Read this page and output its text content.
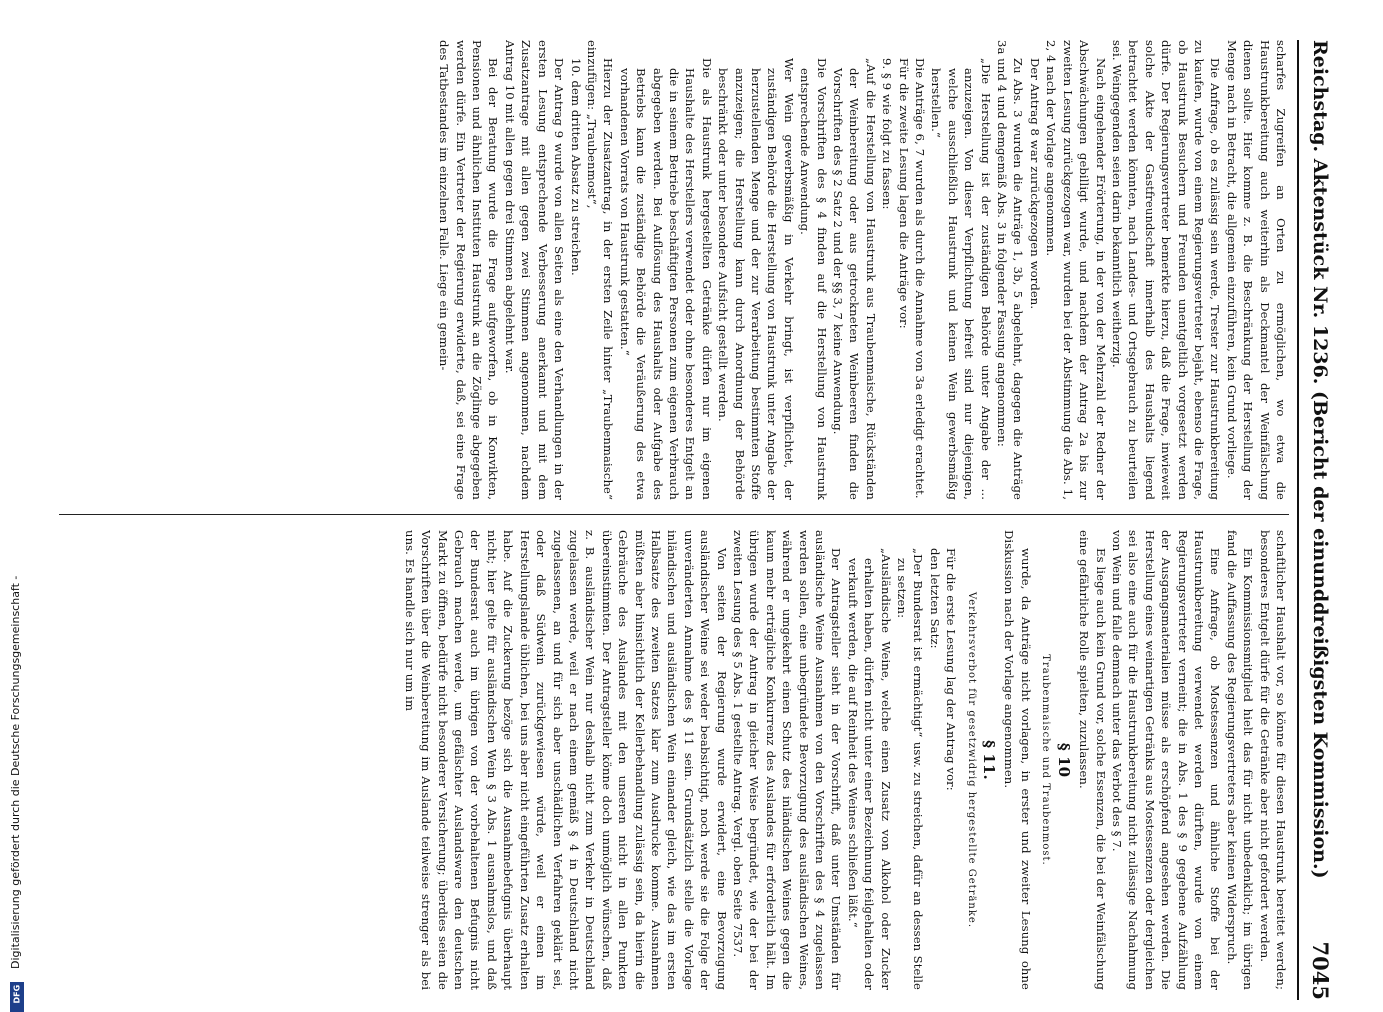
Reichstag. Aktenstück Nr. 1236. (Bericht der einunddreißigsten Kommission.)
7045

scharfes Zugreifen an Orten zu ermöglichen, wo etwa die Haustrunkbereitung auch weiterhin als Deckmantel der Weinfälschung dienen sollte. Hier komme z. B. die Beschränkung der Herstellung der Menge nach in Betracht, die allgemein einzuführen, kein Grund vorliege.

Die Anfrage, ob es zulässig sein werde, Trester zur Haustrunkbereitung zu kaufen, wurde von einem Regierungsvertreter bejaht, ebenso die Frage, ob Haustrunk Besuchern und Freunden unentgeltlich vorgesetzt werden dürfe. Der Regierungsvertreter bemerkte hierzu, daß die Frage, inwieweit solche Akte der Gastfreundschaft innerhalb des Haushalts liegend betrachtet werden könnten, nach Landes- und Ortsgebrauch zu beurteilen sei. Weingegenden seien darin bekanntlich weitherzig.

Nach eingehender Erörterung, in der von der Mehrzahl der Redner der Abschwächungen gebilligt wurde, und nachdem der Antrag 2a bis zur zweiten Lesung zurückgezogen war, wurden bei der Abstimmung die Abs. 1, 2, 4 nach der Vorlage angenommen.

Der Antrag 8 war zurückgezogen worden.

Zu Abs. 3 wurden die Anträge 1, 3b, 5 abgelehnt, dagegen die Anträge 3a und 4 und demgemäß Abs. 3 in folgender Fassung angenommen:

„Die Herstellung ist der zuständigen Behörde unter Angabe der ... anzuzeigen. Von dieser Verpflichtung befreit sind nur diejenigen, welche ausschließlich Haustrunk und keinen Wein gewerbsmäßig herstellen.“

Die Anträge 6, 7 wurden als durch die Annahme von 3a erledigt erachtet.

Für die zweite Lesung lagen die Anträge vor:

9. § 9 wie folgt zu fassen:

„Auf die Herstellung von Haustrunk aus Traubenmaische, Rückständen der Weinbereitung oder aus getrockneten Weinbeeren finden die Vorschriften des § 2 Satz 2 und der §§ 3, 7 keine Anwendung.

Die Vorschriften des § 4 finden auf die Herstellung von Haustrunk entsprechende Anwendung.

Wer Wein gewerbsmäßig in Verkehr bringt, ist verpflichtet, der zuständigen Behörde die Herstellung von Haustrunk unter Angabe der herzustellenden Menge und der zur Verarbeitung bestimmten Stoffe anzuzeigen; die Herstellung kann durch Anordnung der Behörde beschränkt oder unter besondere Aufsicht gestellt werden.

Die als Haustrunk hergestellten Getränke dürfen nur im eigenen Haushalte des Herstellers verwendet oder ohne besonderes Entgelt an die in seinem Betriebe beschäftigten Personen zum eigenen Verbrauch abgegeben werden. Bei Auflösung des Haushalts oder Aufgabe des Betriebs kann die zuständige Behörde die Veräußerung des etwa vorhandenen Vorrats von Haustrunk gestatten.“

Hierzu der Zusatzantrag, in der ersten Zeile hinter „Traubenmaische“ einzufügen: „Traubenmost“,

10. dem dritten Absatz zu streichen.

Der Antrag 9 wurde von allen Seiten als eine den Verhandlungen in der ersten Lesung entsprechende Verbesserung anerkannt und mit dem Zusatzantrage mit allen gegen zwei Stimmen angenommen, nachdem Antrag 10 mit allen gegen drei Stimmen abgelehnt war.

Bei der Beratung wurde die Frage aufgeworfen, ob in Konvikten, Pensionen und ähnlichen Instituten Haustrunk an die Zöglinge abgegeben werden dürfe. Ein Vertreter der Regierung erwiderte, daß, sei eine Frage des Tatbestandes im einzelnen Falle. Liege ein gemein-

schaftlicher Haushalt vor, so könne für diesen Haustrunk bereitet werden; besonderes Entgelt dürfe für die Getränke aber nicht gefordert werden.

Ein Kommissionsmitglied hielt das für nicht unbedenklich; im übrigen fand die Auffassung des Regierungsvertreters aber keinen Widerspruch.

Eine Anfrage, ob Mostessenzen und ähnliche Stoffe bei der Haustrunkbereitung verwendet werden dürften, wurde von einem Regierungsvertreter verneint; die in Abs. 1 des § 9 gegebene Aufzählung der Ausgangsmaterialien müsse als erschöpfend angesehen werden. Die Herstellung eines weinartigen Getränks aus Mostessenzen oder dergleichen sei also eine auch für die Haustrunkbereitung nicht zulässige Nachahmung von Wein und falle demnach unter das Verbot des § 7.

Es liege auch kein Grund vor, solche Essenzen, die bei der Weinfälschung eine gefährliche Rolle spielten, zuzulassen.

§ 10
Traubenmaische und Traubenmost.

wurde, da Anträge nicht vorlagen, in erster und zweiter Lesung ohne Diskussion nach der Vorlage angenommen.

§ 11.
Verkehrsverbot für gesetzwidrig hergestellte Getränke.

Für die erste Lesung lag der Antrag vor:

den letzten Satz:

„Der Bundesrat ist ermächtigt“ usw. zu streichen, dafür an dessen Stelle zu setzen:

„Ausländische Weine, welche einen Zusatz von Alkohol oder Zucker erhalten haben, dürfen nicht unter einer Bezeichnung feilgehalten oder verkauft werden, die auf Reinheit des Weines schließen läßt.“

Der Antragsteller sieht in der Vorschrift, daß unter Umständen für ausländische Weine Ausnahmen von den Vorschriften des § 4 zugelassen werden sollen, eine unbegründete Bevorzugung des ausländischen Weines, während er umgekehrt einen Schutz des inländischen Weines gegen die kaum mehr erträgliche Konkurrenz des Auslandes für erforderlich hält. Im übrigen wurde der Antrag in gleicher Weise begründet, wie der bei der zweiten Lesung des § 5 Abs. 1 gestellte Antrag. Vergl. oben Seite 7537.

Von seiten der Regierung wurde erwidert, eine Bevorzugung ausländischer Weine sei weder beabsichtigt, noch werde sie die Folge der unveränderten Annahme des § 11 sein. Grundsätzlich stelle die Vorlage inländischen und ausländischen Wein einander gleich, wie das im ersten Halbsatze des zweiten Satzes klar zum Ausdrucke komme. Ausnahmen müßten aber hinsichtlich der Kellerbehandlung zulässig sein, da hierin die Gebräuche des Auslandes mit den unseren nicht in allen Punkten übereinstimmten. Der Antragsteller könne doch unmöglich wünschen, daß z. B. ausländischer Wein nur deshalb nicht zum Verkehr in Deutschland zugelassen werde, weil er nach einem gemäß § 4 in Deutschland nicht zugelassenen, an und für sich aber unschädlichen Verfahren geklärt sei, oder daß Südwein zurückgewiesen würde, weil er einen im Herstellungslande üblichen, bei uns aber nicht eingeführten Zusatz erhalten habe. Auf die Zuckerung bezöge sich die Ausnahmebefugnis überhaupt nicht; hier gelte für ausländischen Wein § 3 Abs. 1 ausnahmslos, und daß der Bundesrat auch im übrigen von der vorbehaltenen Befugnis nicht Gebrauch machen werde, um gefälschter Auslandsware den deutschen Markt zu öffnen, bedürfe nicht besonderer Versicherung; überdies seien die Vorschriften über die Weinbereitung im Auslande teilweise strenger als bei uns. Es handle sich nur um im

Digitalisierung gefördert durch die Deutsche Forschungsgemeinschaft -
DFG
